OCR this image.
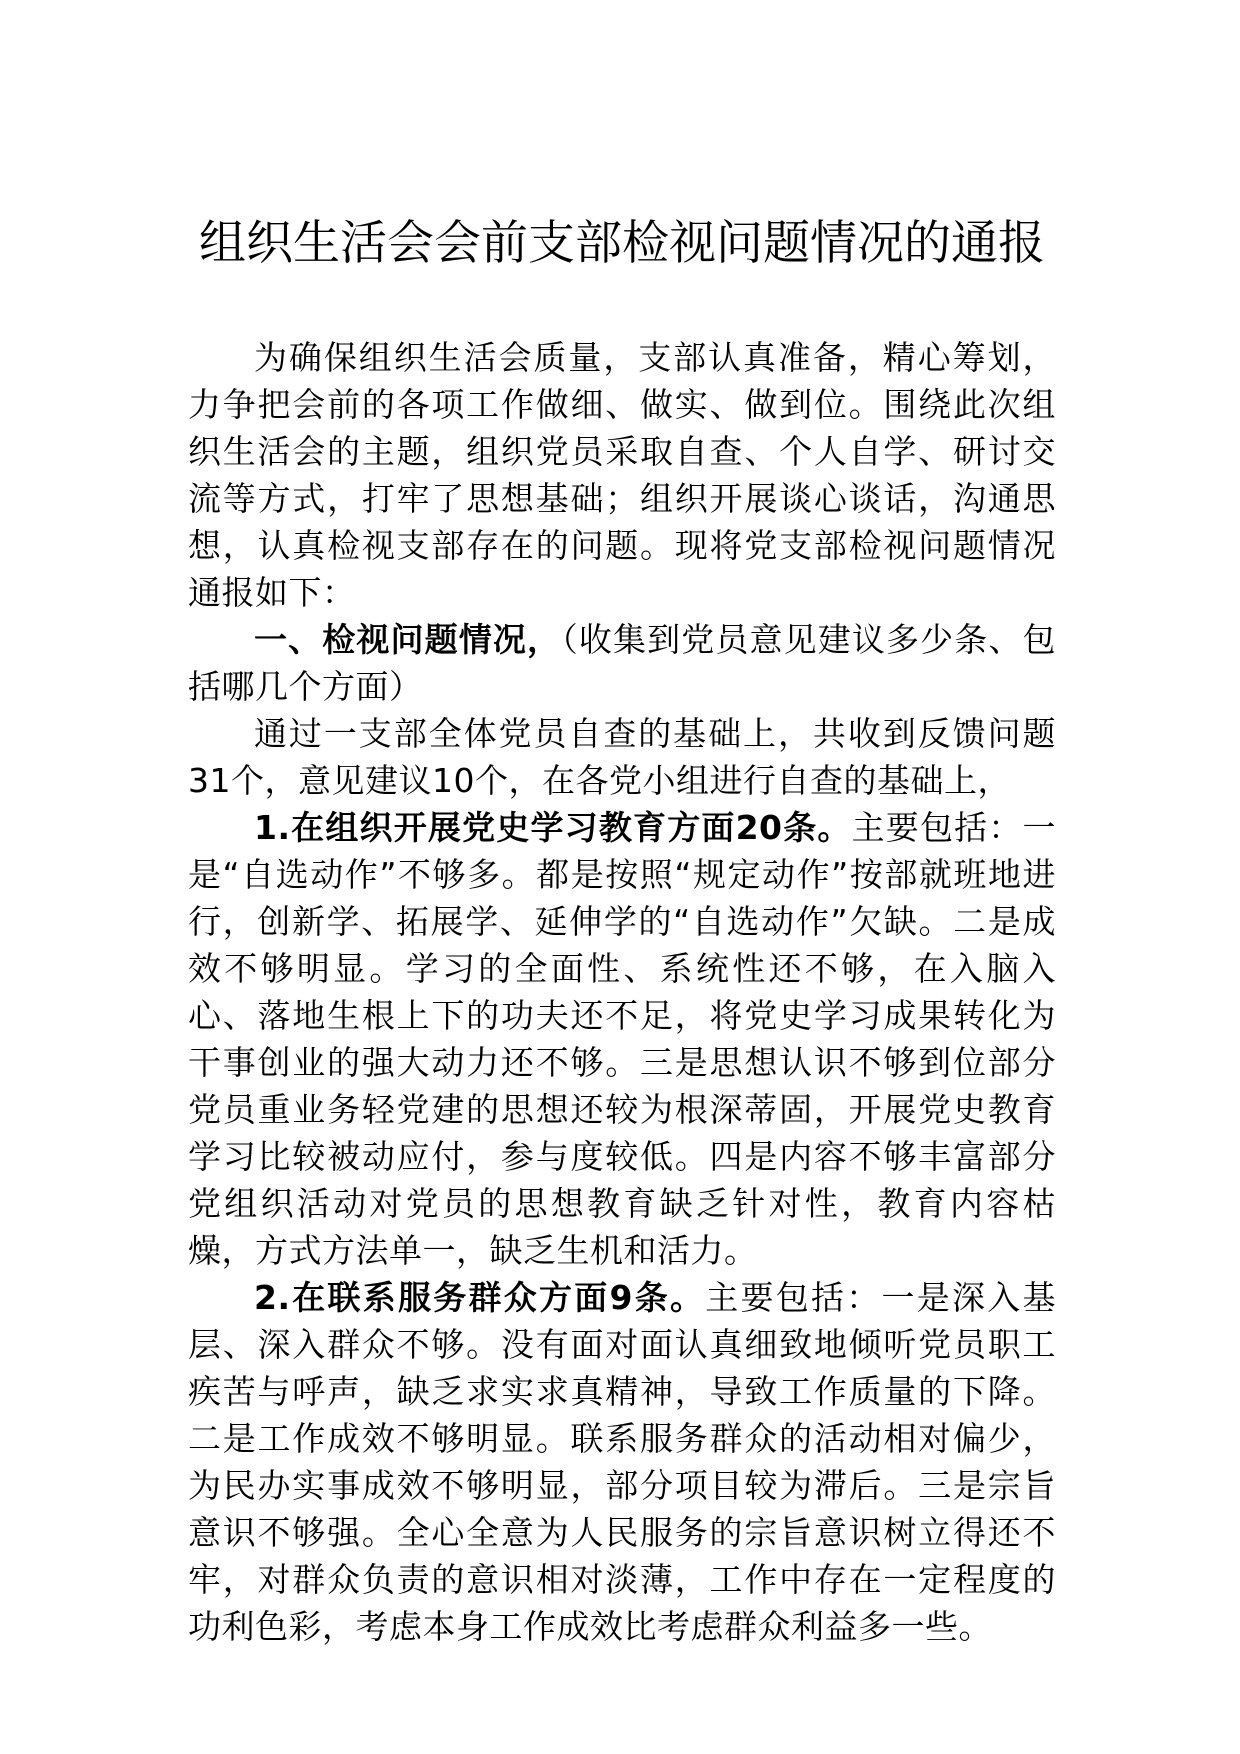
组织生活会会前支部检视问题情况的通报

为确保组织生活会质量，支部认真准备，精心筹划，力争把会前的各项工作做细、做实、做到位。围绕此次组织生活会的主题，组织党员采取自查、个人自学、研讨交流等方式，打牢了思想基础；组织开展谈心谈话，沟通思想，认真检视支部存在的问题。现将党支部检视问题情况通报如下：

一、检视问题情况，（收集到党员意见建议多少条、包括哪几个方面）

通过一支部全体党员自查的基础上，共收到反馈问题31个，意见建议10个，在各党小组进行自查的基础上，

1.在组织开展党史学习教育方面20条。主要包括：一是“自选动作”不够多。都是按照“规定动作”按部就班地进行，创新学、拓展学、延伸学的“自选动作”欠缺。二是成效不够明显。学习的全面性、系统性还不够，在入脑入心、落地生根上下的功夫还不足，将党史学习成果转化为干事创业的强大动力还不够。三是思想认识不够到位部分党员重业务轻党建的思想还较为根深蒂固，开展党史教育学习比较被动应付，参与度较低。四是内容不够丰富部分党组织活动对党员的思想教育缺乏针对性，教育内容枯燥，方式方法单一，缺乏生机和活力。

2.在联系服务群众方面9条。主要包括：一是深入基层、深入群众不够。没有面对面认真细致地倾听党员职工疾苦与呼声，缺乏求实求真精神，导致工作质量的下降。二是工作成效不够明显。联系服务群众的活动相对偏少，为民办实事成效不够明显，部分项目较为滞后。三是宗旨意识不够强。全心全意为人民服务的宗旨意识树立得还不牢，对群众负责的意识相对淡薄，工作中存在一定程度的功利色彩，考虑本身工作成效比考虑群众利益多一些。
